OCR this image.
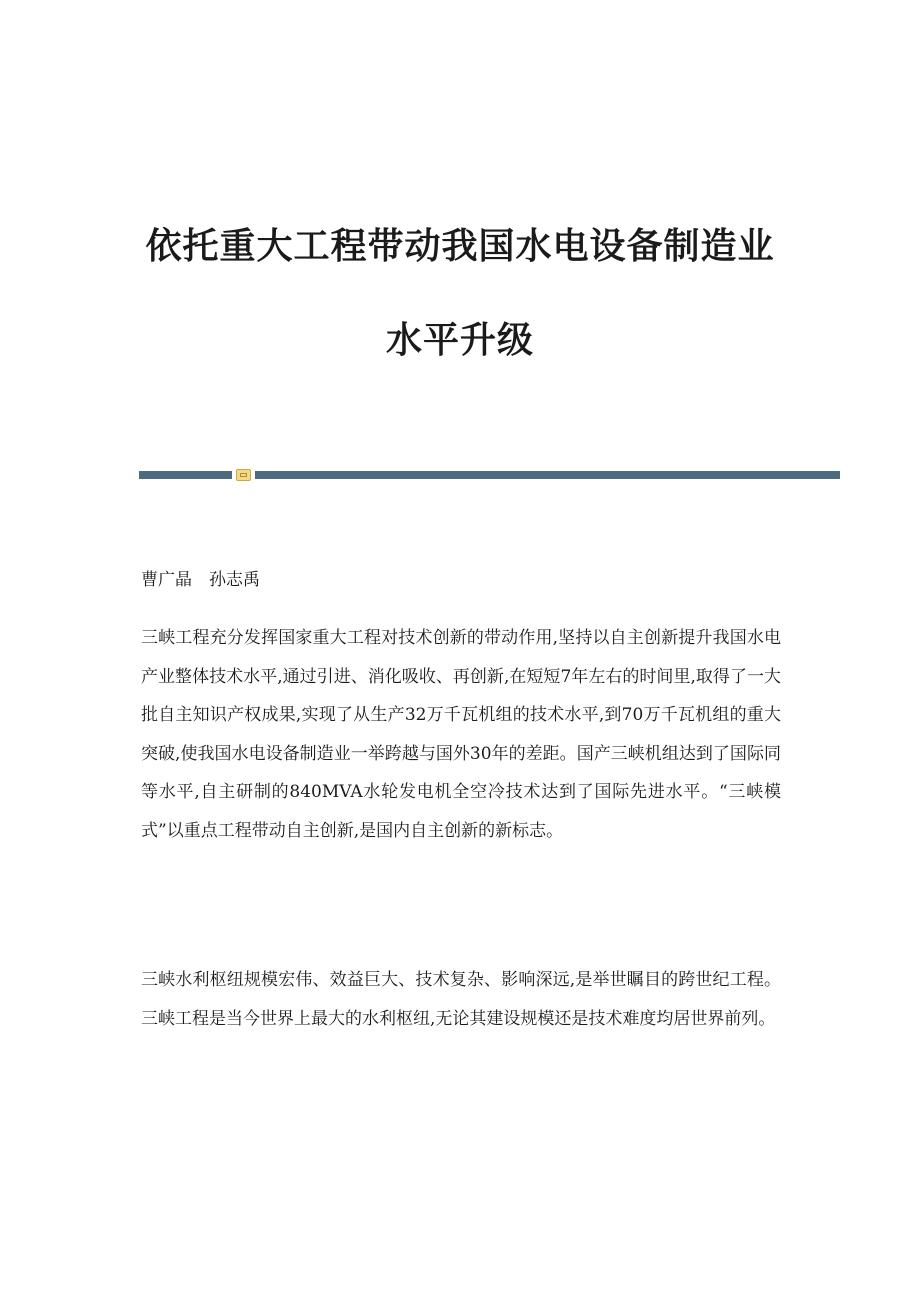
依托重大工程带动我国水电设备制造业
水平升级

曹广晶　孙志禹

三峡工程充分发挥国家重大工程对技术创新的带动作用,坚持以自主创新提升我国水电产业整体技术水平,通过引进、消化吸收、再创新,在短短7年左右的时间里,取得了一大批自主知识产权成果,实现了从生产32万千瓦机组的技术水平,到70万千瓦机组的重大突破,使我国水电设备制造业一举跨越与国外30年的差距。国产三峡机组达到了国际同等水平,自主研制的840MVA水轮发电机全空冷技术达到了国际先进水平。“三峡模式”以重点工程带动自主创新,是国内自主创新的新标志。

三峡水利枢纽规模宏伟、效益巨大、技术复杂、影响深远,是举世瞩目的跨世纪工程。三峡工程是当今世界上最大的水利枢纽,无论其建设规模还是技术难度均居世界前列。
